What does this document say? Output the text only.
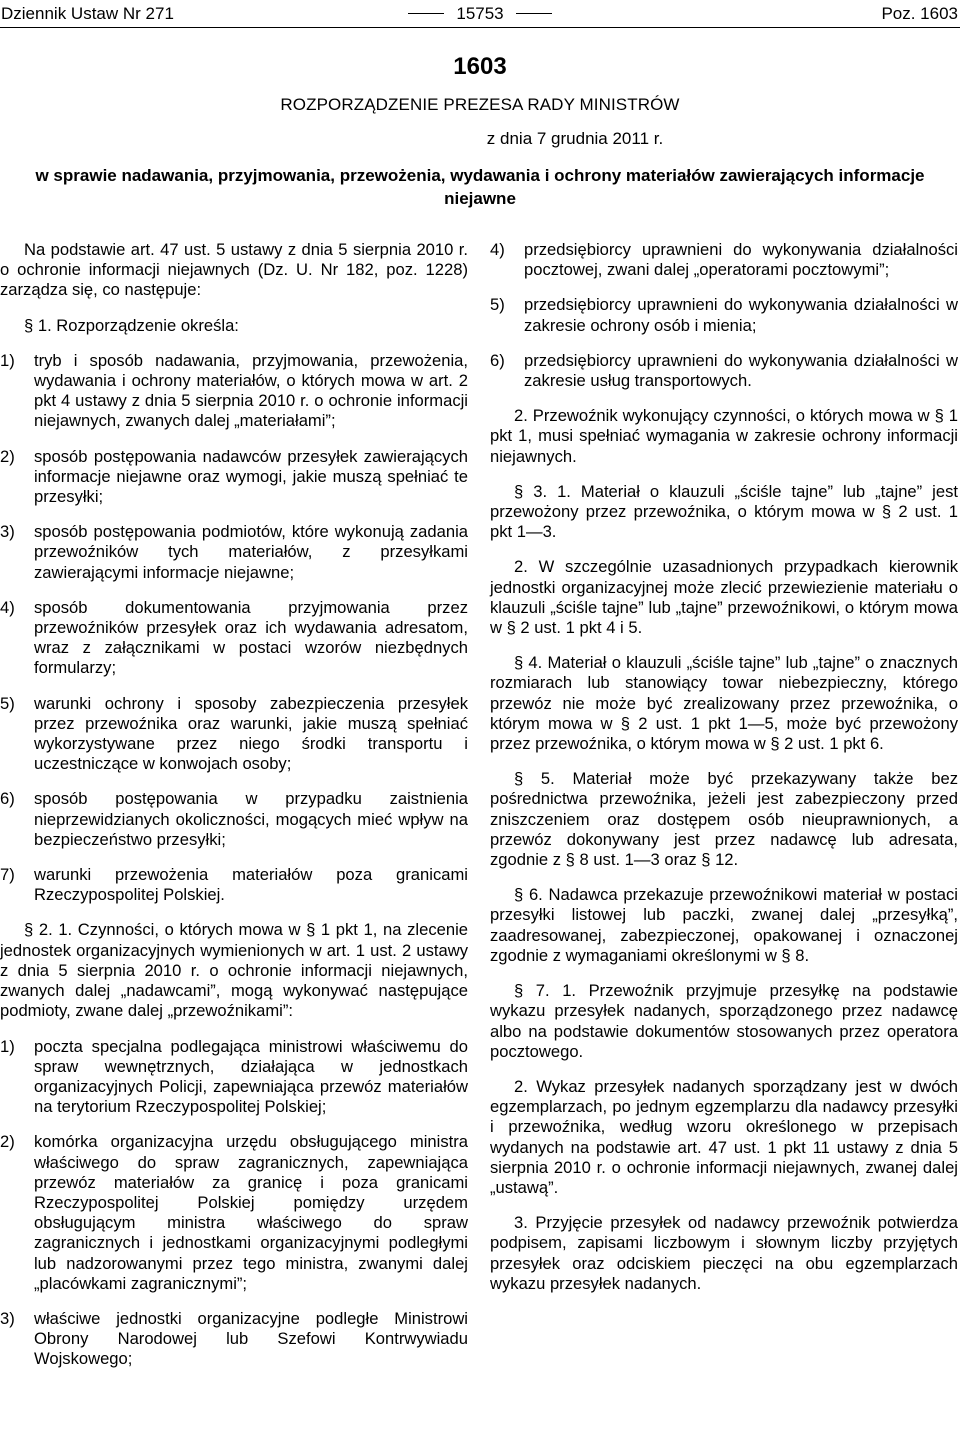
Dziennik Ustaw Nr 271	15753	Poz. 1603
1603
ROZPORZĄDZENIE PREZESA RADY MINISTRÓW
z dnia 7 grudnia 2011 r.
w sprawie nadawania, przyjmowania, przewożenia, wydawania i ochrony materiałów zawierających informacje niejawne

Na podstawie art. 47 ust. 5 ustawy z dnia 5 sierpnia 2010 r. o ochronie informacji niejawnych (Dz. U. Nr 182, poz. 1228) zarządza się, co następuje:

§ 1. Rozporządzenie określa:

1) tryb i sposób nadawania, przyjmowania, przewożenia, wydawania i ochrony materiałów, o których mowa w art. 2 pkt 4 ustawy z dnia 5 sierpnia 2010 r. o ochronie informacji niejawnych, zwanych dalej „materiałami”;
2) sposób postępowania nadawców przesyłek zawierających informacje niejawne oraz wymogi, jakie muszą spełniać te przesyłki;
3) sposób postępowania podmiotów, które wykonują zadania przewoźników tych materiałów, z przesyłkami zawierającymi informacje niejawne;
4) sposób dokumentowania przyjmowania przez przewoźników przesyłek oraz ich wydawania adresatom, wraz z załącznikami w postaci wzorów niezbędnych formularzy;
5) warunki ochrony i sposoby zabezpieczenia przesyłek przez przewoźnika oraz warunki, jakie muszą spełniać wykorzystywane przez niego środki transportu i uczestniczące w konwojach osoby;
6) sposób postępowania w przypadku zaistnienia nieprzewidzianych okoliczności, mogących mieć wpływ na bezpieczeństwo przesyłki;
7) warunki przewożenia materiałów poza granicami Rzeczypospolitej Polskiej.

§ 2. 1. Czynności, o których mowa w § 1 pkt 1, na zlecenie jednostek organizacyjnych wymienionych w art. 1 ust. 2 ustawy z dnia 5 sierpnia 2010 r. o ochronie informacji niejawnych, zwanych dalej „nadawcami”, mogą wykonywać następujące podmioty, zwane dalej „przewoźnikami”:

1) poczta specjalna podlegająca ministrowi właściwemu do spraw wewnętrznych, działająca w jednostkach organizacyjnych Policji, zapewniająca przewóz materiałów na terytorium Rzeczypospolitej Polskiej;
2) komórka organizacyjna urzędu obsługującego ministra właściwego do spraw zagranicznych, zapewniająca przewóz materiałów za granicę i poza granicami Rzeczypospolitej Polskiej pomiędzy urzędem obsługującym ministra właściwego do spraw zagranicznych i jednostkami organizacyjnymi podległymi lub nadzorowanymi przez tego ministra, zwanymi dalej „placówkami zagranicznymi”;
3) właściwe jednostki organizacyjne podległe Ministrowi Obrony Narodowej lub Szefowi Kontrwywiadu Wojskowego;
4) przedsiębiorcy uprawnieni do wykonywania działalności pocztowej, zwani dalej „operatorami pocztowymi”;
5) przedsiębiorcy uprawnieni do wykonywania działalności w zakresie ochrony osób i mienia;
6) przedsiębiorcy uprawnieni do wykonywania działalności w zakresie usług transportowych.

2. Przewoźnik wykonujący czynności, o których mowa w § 1 pkt 1, musi spełniać wymagania w zakresie ochrony informacji niejawnych.

§ 3. 1. Materiał o klauzuli „ściśle tajne” lub „tajne” jest przewożony przez przewoźnika, o którym mowa w § 2 ust. 1 pkt 1—3.

2. W szczególnie uzasadnionych przypadkach kierownik jednostki organizacyjnej może zlecić przewiezienie materiału o klauzuli „ściśle tajne” lub „tajne” przewoźnikowi, o którym mowa w § 2 ust. 1 pkt 4 i 5.

§ 4. Materiał o klauzuli „ściśle tajne” lub „tajne” o znacznych rozmiarach lub stanowiący towar niebezpieczny, którego przewóz nie może być zrealizowany przez przewoźnika, o którym mowa w § 2 ust. 1 pkt 1—5, może być przewożony przez przewoźnika, o którym mowa w § 2 ust. 1 pkt 6.

§ 5. Materiał może być przekazywany także bez pośrednictwa przewoźnika, jeżeli jest zabezpieczony przed zniszczeniem oraz dostępem osób nieuprawnionych, a przewóz dokonywany jest przez nadawcę lub adresata, zgodnie z § 8 ust. 1—3 oraz § 12.

§ 6. Nadawca przekazuje przewoźnikowi materiał w postaci przesyłki listowej lub paczki, zwanej dalej „przesyłką”, zaadresowanej, zabezpieczonej, opakowanej i oznaczonej zgodnie z wymaganiami określonymi w § 8.

§ 7. 1. Przewoźnik przyjmuje przesyłkę na podstawie wykazu przesyłek nadanych, sporządzonego przez nadawcę albo na podstawie dokumentów stosowanych przez operatora pocztowego.

2. Wykaz przesyłek nadanych sporządzany jest w dwóch egzemplarzach, po jednym egzemplarzu dla nadawcy przesyłki i przewoźnika, według wzoru określonego w przepisach wydanych na podstawie art. 47 ust. 1 pkt 11 ustawy z dnia 5 sierpnia 2010 r. o ochronie informacji niejawnych, zwanej dalej „ustawą”.

3. Przyjęcie przesyłek od nadawcy przewoźnik potwierdza podpisem, zapisami liczbowym i słownym liczby przyjętych przesyłek oraz odciskiem pieczęci na obu egzemplarzach wykazu przesyłek nadanych.
